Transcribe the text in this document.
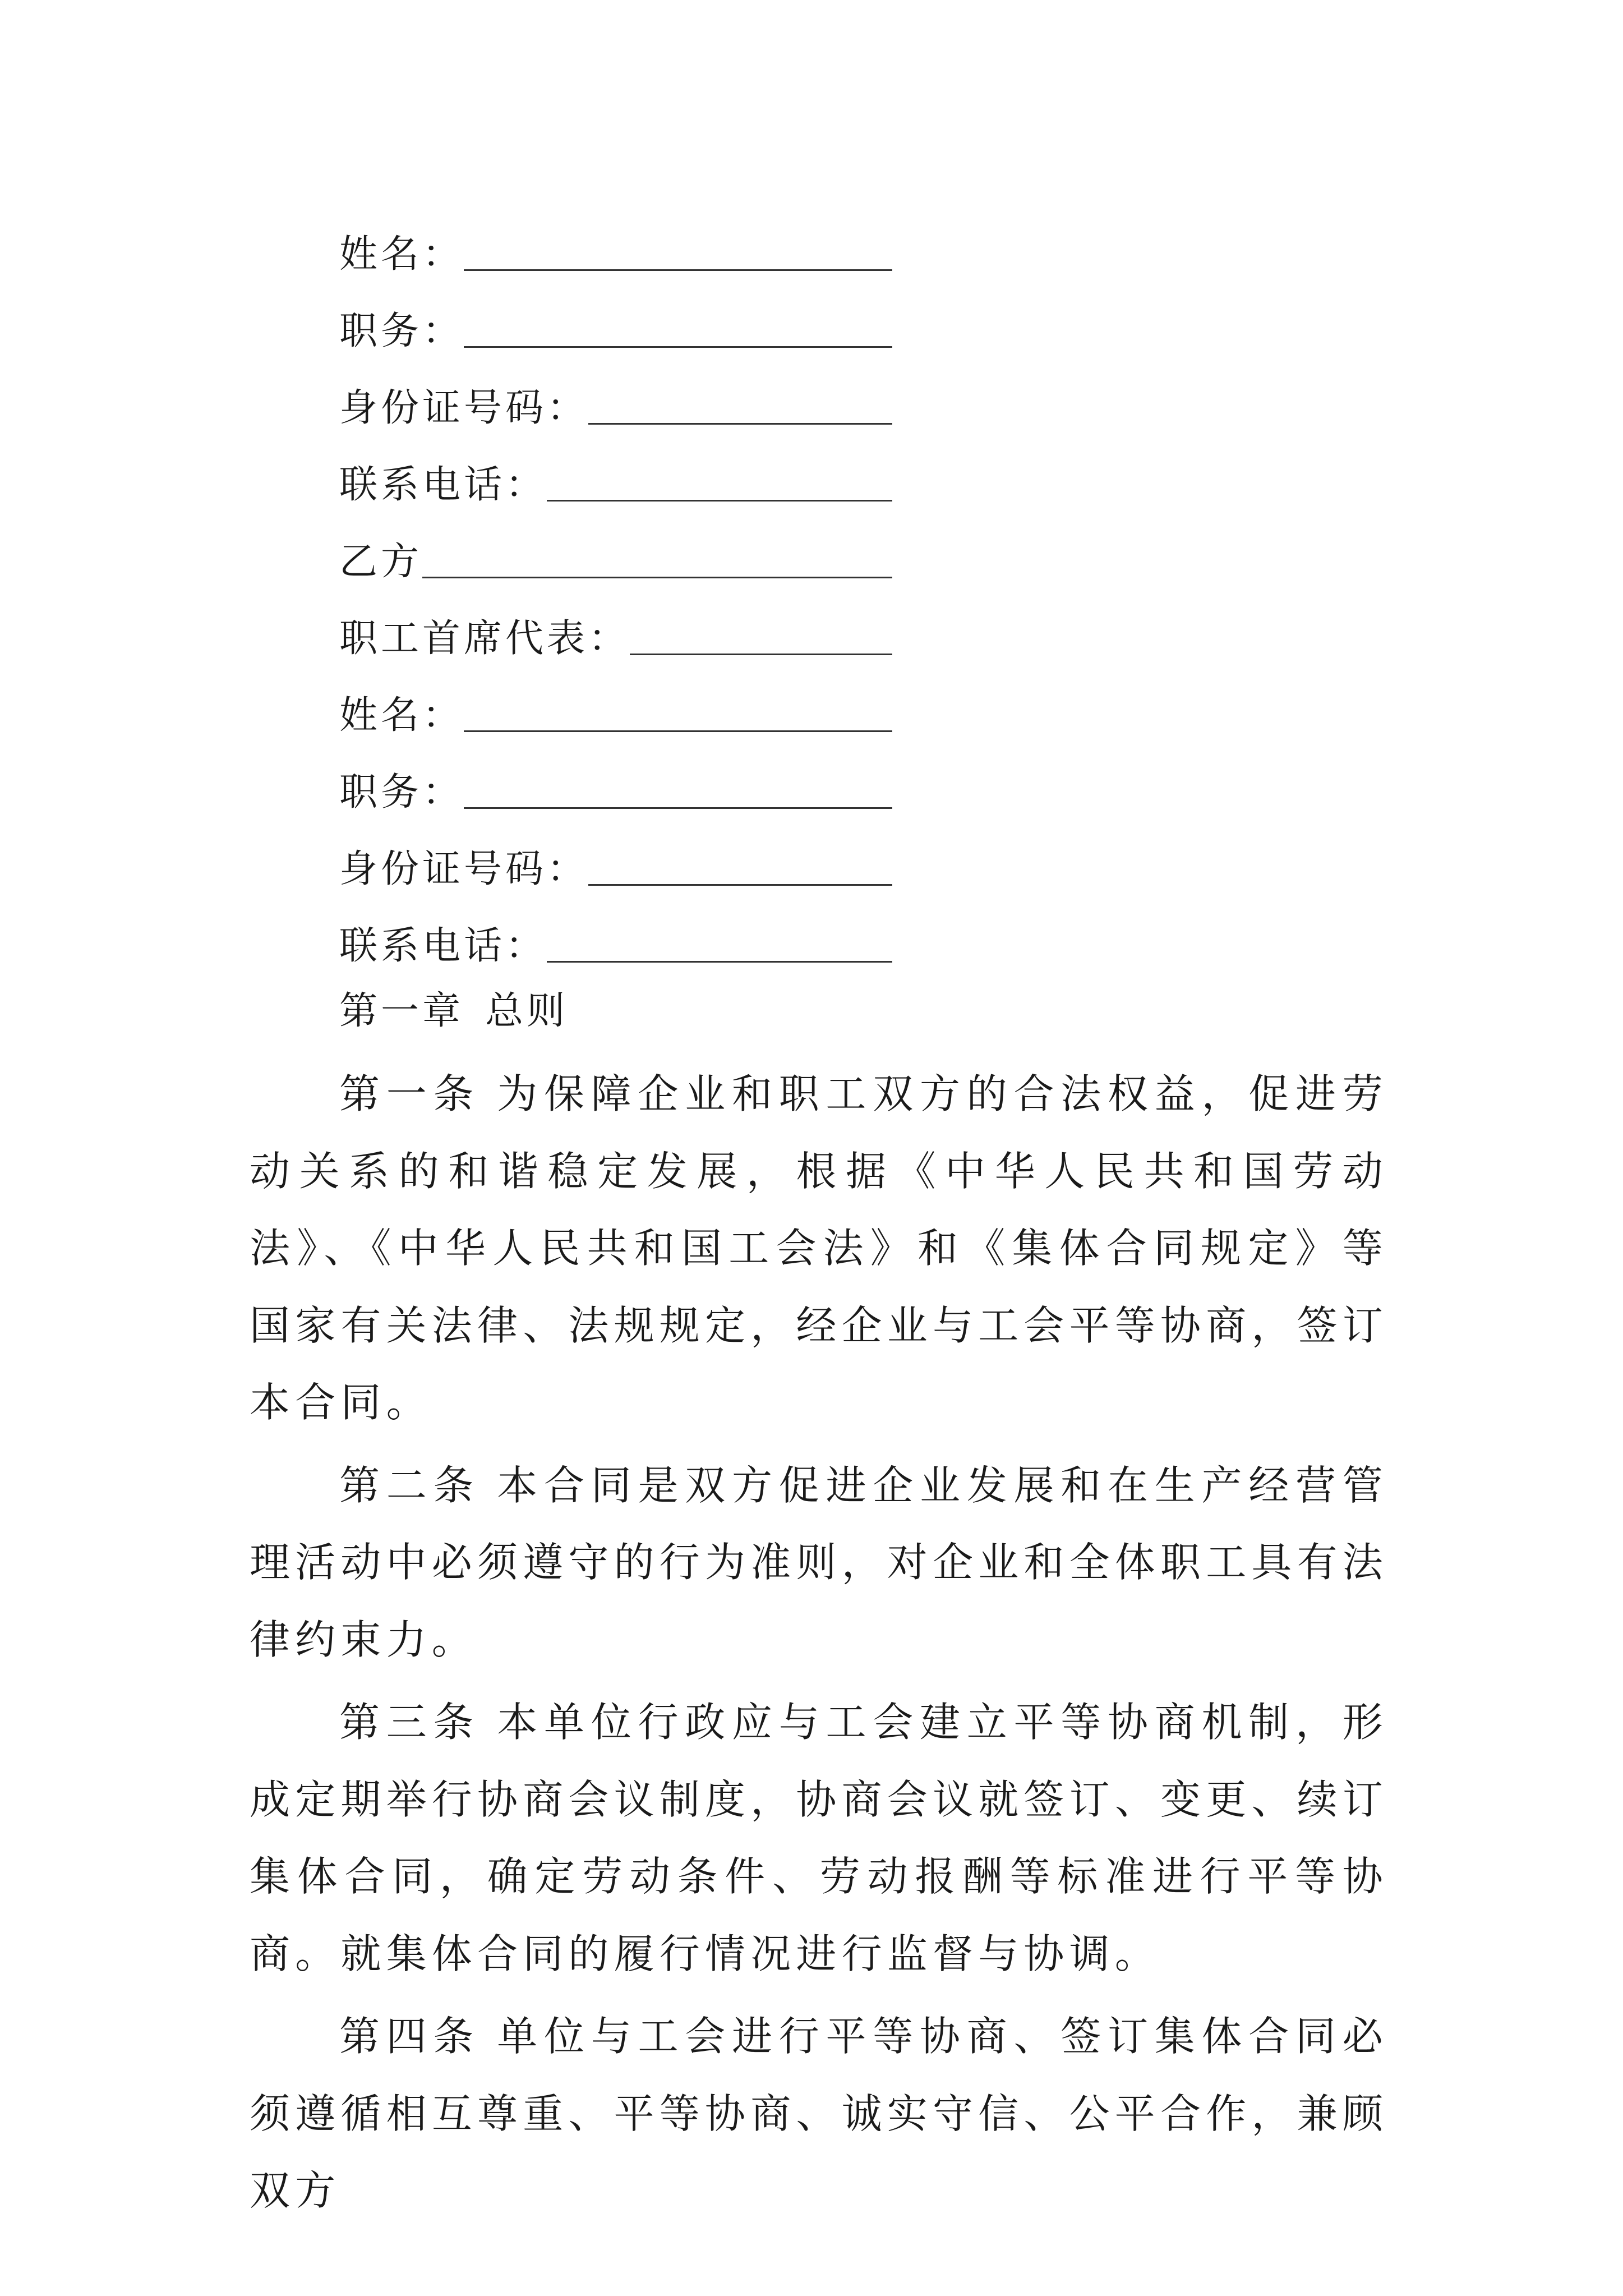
姓名：
职务：
身份证号码：
联系电话：
乙方
职工首席代表：
姓名：
职务：
身份证号码：
联系电话：
第一章 总则

第一条 为保障企业和职工双方的合法权益，促进劳动关系的和谐稳定发展，根据《中华人民共和国劳动法》、《中华人民共和国工会法》和《集体合同规定》等国家有关法律、法规规定，经企业与工会平等协商，签订本合同。

第二条 本合同是双方促进企业发展和在生产经营管理活动中必须遵守的行为准则，对企业和全体职工具有法律约束力。

第三条 本单位行政应与工会建立平等协商机制，形成定期举行协商会议制度，协商会议就签订、变更、续订集体合同，确定劳动条件、劳动报酬等标准进行平等协商。就集体合同的履行情况进行监督与协调。

第四条 单位与工会进行平等协商、签订集体合同必须遵循相互尊重、平等协商、诚实守信、公平合作，兼顾双方
